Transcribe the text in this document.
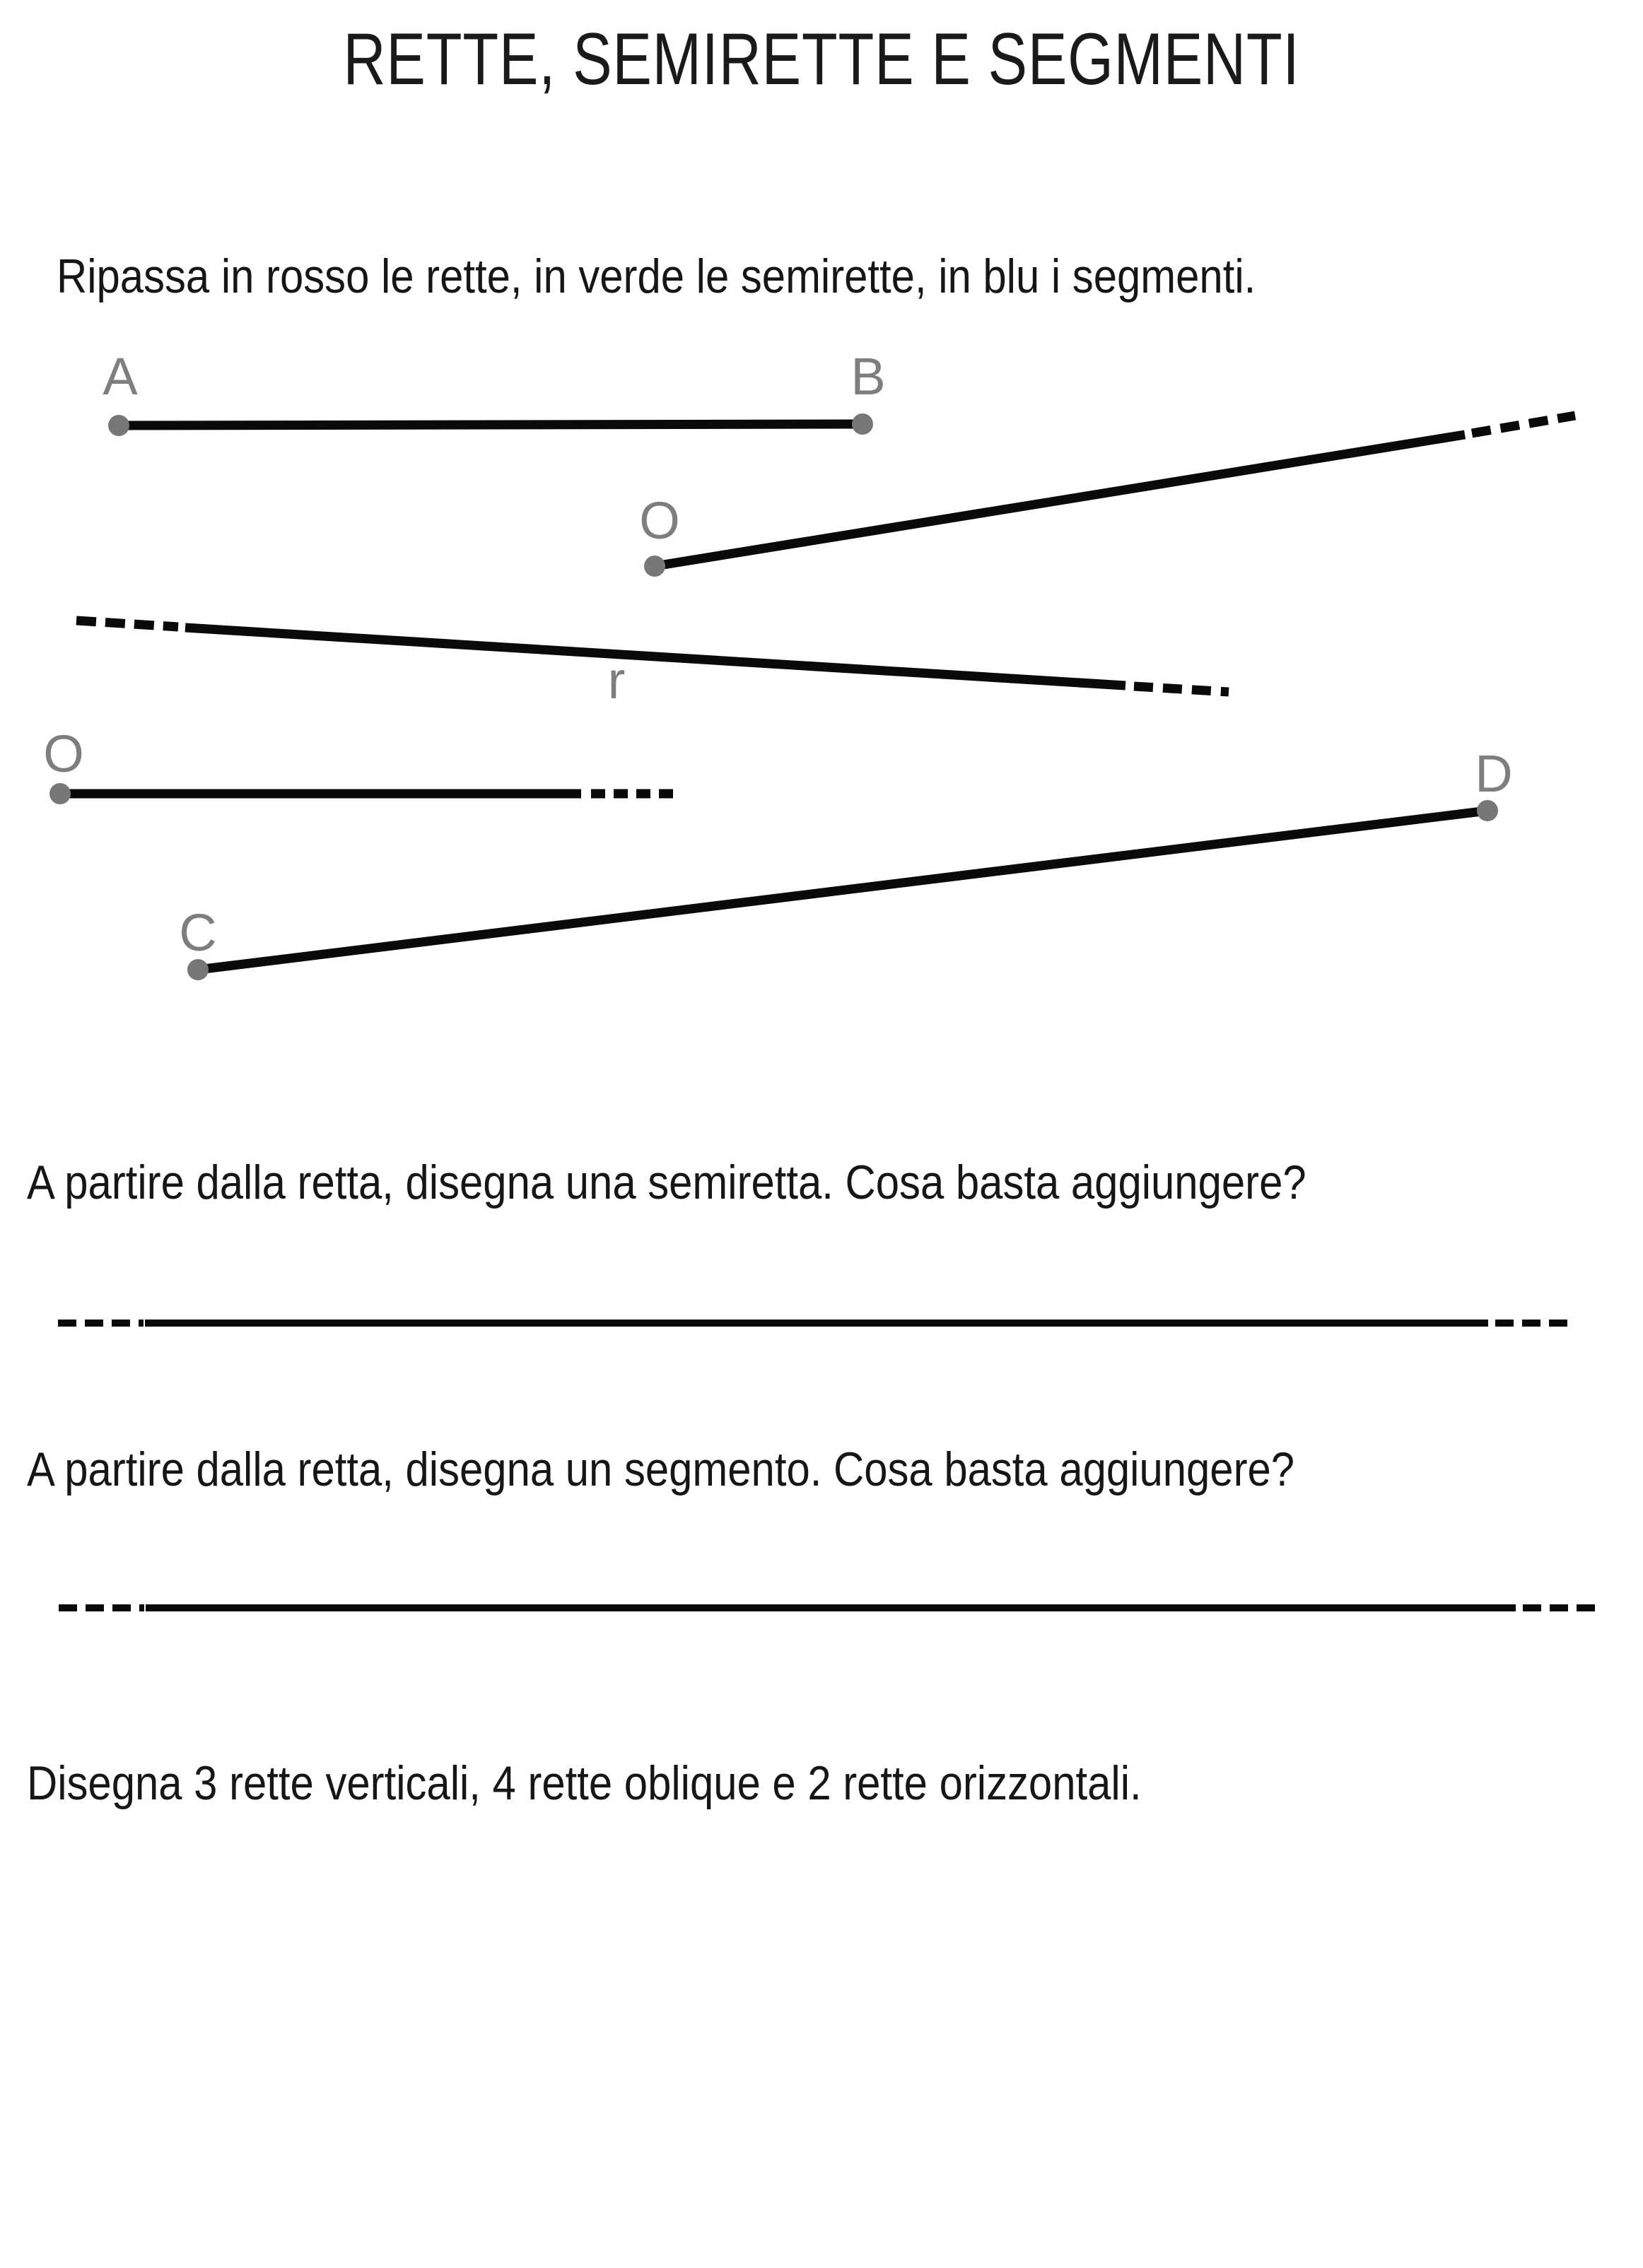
A	B
O
r
O
C
D
RETTE, SEMIRETTE E SEGMENTI
Ripassa in rosso le rette, in verde le semirette, in blu i segmenti.
A partire dalla retta, disegna una semiretta. Cosa basta aggiungere?
A partire dalla retta, disegna un segmento. Cosa basta aggiungere?
Disegna 3 rette verticali, 4 rette oblique e 2 rette orizzontali.
